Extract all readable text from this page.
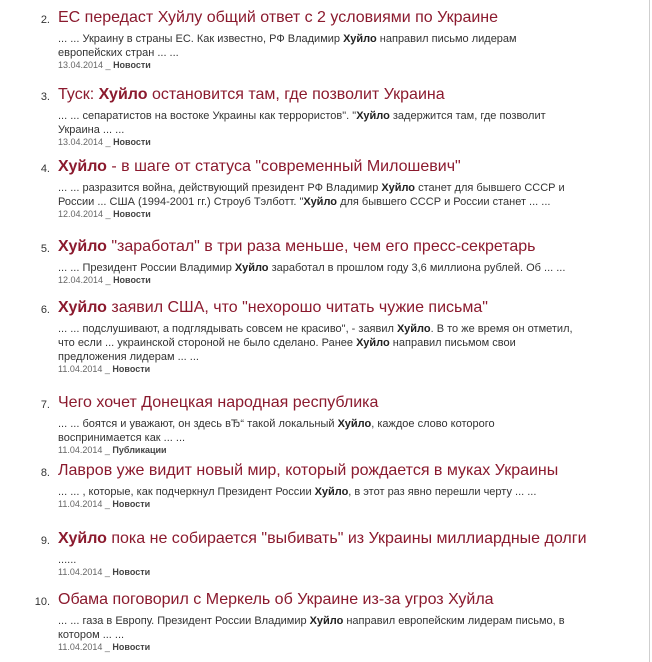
2. ЕС передаст Хуйлу общий ответ с 2 условиями по Украине
... ... Украину в страны ЕС. Как известно, РФ Владимир Хуйло направил письмо лидерам
европейских стран ... ...
13.04.2014 _ Новости
3. Туск: Хуйло остановится там, где позволит Украина
... ... сепаратистов на востоке Украины как террористов". "Хуйло задержится там, где позволит
Украина ... ...
13.04.2014 _ Новости
4. Хуйло - в шаге от статуса "современный Милошевич"
... ... разразится война, действующий президент РФ Владимир Хуйло станет для бывшего СССР и
России ... США (1994-2001 гг.) Строуб Тэлботт. "Хуйло для бывшего СССР и России станет ... ...
12.04.2014 _ Новости
5. Хуйло "заработал" в три раза меньше, чем его пресс-секретарь
... ... Президент России Владимир Хуйло заработал в прошлом году 3,6 миллиона рублей. Об ... ...
12.04.2014 _ Новости
6. Хуйло заявил США, что "нехорошо читать чужие письма"
... ... подслушивают, а подглядывать совсем не красиво", - заявил Хуйло. В то же время он отметил,
что если ... украинской стороной не было сделано. Ранее Хуйло направил письмом свои
предложения лидерам ... ...
11.04.2014 _ Новости
7. Чего хочет Донецкая народная республика
... ... боятся и уважают, он здесь вЂ“ такой локальный Хуйло, каждое слово которого
воспринимается как ... ...
11.04.2014 _ Публикации
8. Лавров уже видит новый мир, который рождается в муках Украины
... ... , которые, как подчеркнул Президент России Хуйло, в этот раз явно перешли черту ... ...
11.04.2014 _ Новости
9. Хуйло пока не собирается "выбивать" из Украины миллиардные долги
......
11.04.2014 _ Новости
10. Обама поговорил с Меркель об Украине из-за угроз Хуйла
... ... газа в Европу. Президент России Владимир Хуйло направил европейским лидерам письмо, в
котором ... ...
11.04.2014 _ Новости
